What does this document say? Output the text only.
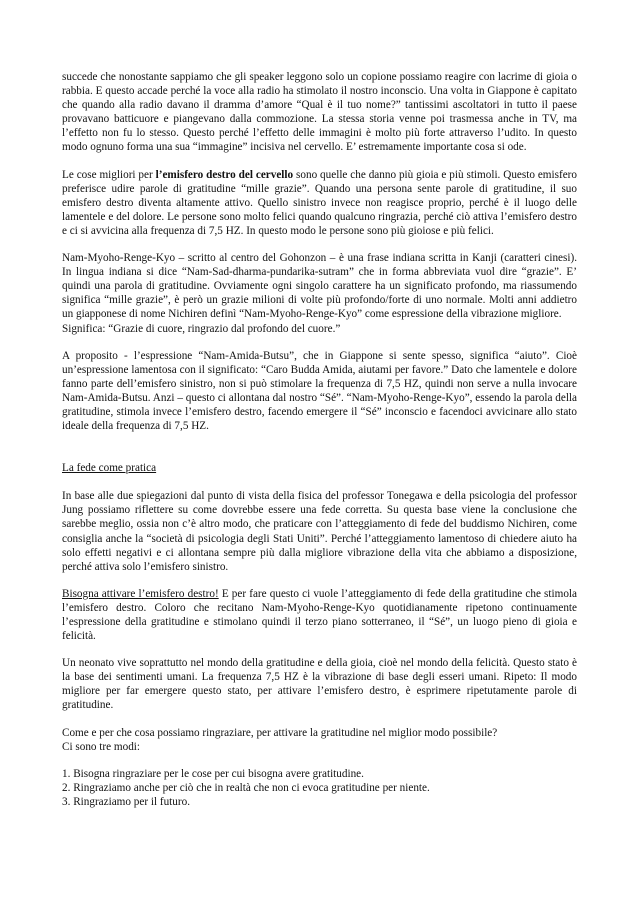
succede che nonostante sappiamo che gli speaker leggono solo un copione possiamo reagire con lacrime di gioia o rabbia. E questo accade perché la voce alla radio ha stimolato il nostro inconscio. Una volta in Giappone è capitato che quando alla radio davano il dramma d’amore “Qual è il tuo nome?” tantissimi ascoltatori in tutto il paese provavano batticuore e piangevano dalla commozione. La stessa storia venne poi trasmessa anche in TV, ma l’effetto non fu lo stesso. Questo perché l’effetto delle immagini è molto più forte attraverso l’udito. In questo modo ognuno forma una sua “immagine” incisiva nel cervello. E’ estremamente importante cosa si ode.

Le cose migliori per l’emisfero destro del cervello sono quelle che danno più gioia e più stimoli. Questo emisfero preferisce udire parole di gratitudine “mille grazie”. Quando una persona sente parole di gratitudine, il suo emisfero destro diventa altamente attivo. Quello sinistro invece non reagisce proprio, perché è il luogo delle lamentele e del dolore. Le persone sono molto felici quando qualcuno ringrazia, perché ciò attiva l’emisfero destro e ci si avvicina alla frequenza di 7,5 HZ. In questo modo le persone sono più gioiose e più felici.

Nam-Myoho-Renge-Kyo – scritto al centro del Gohonzon – è una frase indiana scritta in Kanji (caratteri cinesi). In lingua indiana si dice “Nam-Sad-dharma-pundarika-sutram” che in forma abbreviata vuol dire “grazie”. E’ quindi una parola di gratitudine. Ovviamente ogni singolo carattere ha un significato profondo, ma riassumendo significa “mille grazie”, è però un grazie milioni di volte più profondo/forte di uno normale. Molti anni addietro un giapponese di nome Nichiren definì “Nam-Myoho-Renge-Kyo” come espressione della vibrazione migliore.

Significa: “Grazie di cuore, ringrazio dal profondo del cuore.”

A proposito - l’espressione “Nam-Amida-Butsu”, che in Giappone si sente spesso, significa “aiuto”. Cioè un’espressione lamentosa con il significato: “Caro Budda Amida, aiutami per favore.” Dato che lamentele e dolore fanno parte dell’emisfero sinistro, non si può stimolare la frequenza di 7,5 HZ, quindi non serve a nulla invocare Nam-Amida-Butsu. Anzi – questo ci allontana dal nostro “Sé”. “Nam-Myoho-Renge-Kyo”, essendo la parola della gratitudine, stimola invece l’emisfero destro, facendo emergere il “Sé” inconscio e facendoci avvicinare allo stato ideale della frequenza di 7,5 HZ.

La fede come pratica

In base alle due spiegazioni dal punto di vista della fisica del professor Tonegawa e della psicologia del professor Jung possiamo riflettere su come dovrebbe essere una fede corretta. Su questa base viene la conclusione che sarebbe meglio, ossia non c’è altro modo, che praticare con l’atteggiamento di fede del buddismo Nichiren, come consiglia anche la “società di psicologia degli Stati Uniti”. Perché l’atteggiamento lamentoso di chiedere aiuto ha solo effetti negativi e ci allontana sempre più dalla migliore vibrazione della vita che abbiamo a disposizione, perché attiva solo l’emisfero sinistro.

Bisogna attivare l’emisfero destro! E per fare questo ci vuole l’atteggiamento di fede della gratitudine che stimola l’emisfero destro. Coloro che recitano Nam-Myoho-Renge-Kyo quotidianamente ripetono continuamente l’espressione della gratitudine e stimolano quindi il terzo piano sotterraneo, il “Sé”, un luogo pieno di gioia e felicità.

Un neonato vive soprattutto nel mondo della gratitudine e della gioia, cioè nel mondo della felicità. Questo stato è la base dei sentimenti umani. La frequenza 7,5 HZ è la vibrazione di base degli esseri umani. Ripeto: Il modo migliore per far emergere questo stato, per attivare l’emisfero destro, è esprimere ripetutamente parole di gratitudine.

Come e per che cosa possiamo ringraziare, per attivare la gratitudine nel miglior modo possibile?

Ci sono tre modi:

1. Bisogna ringraziare per le cose per cui bisogna avere gratitudine.
2. Ringraziamo anche per ciò che in realtà che non ci evoca gratitudine per niente.
3. Ringraziamo per il futuro.
